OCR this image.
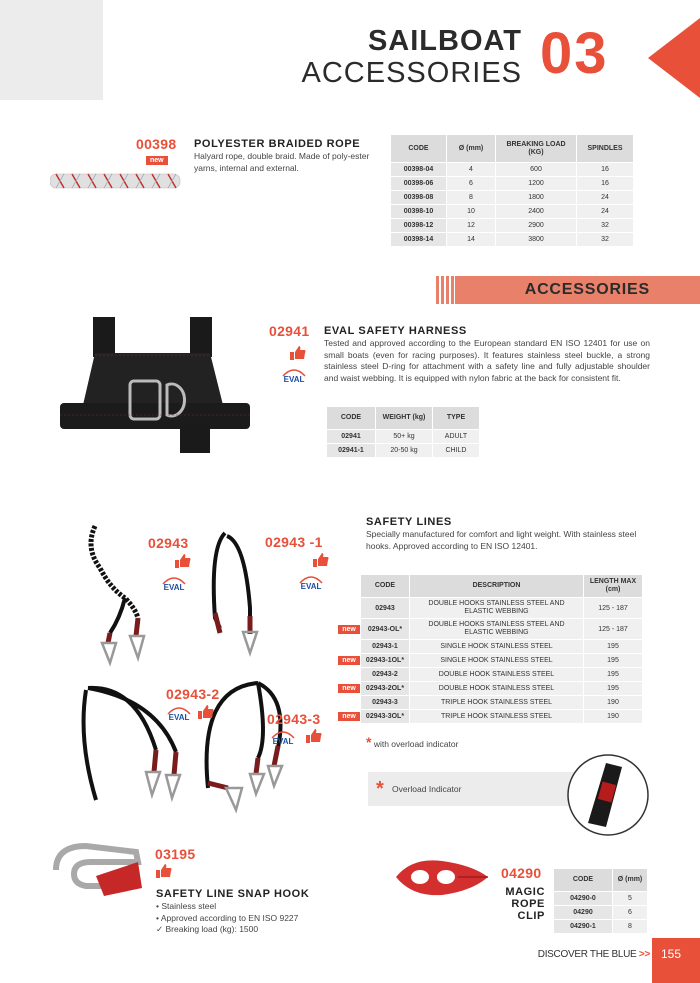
SAILBOAT
ACCESSORIES 03
00398
new
POLYESTER BRAIDED ROPE
Halyard rope, double braid. Made of poly-ester yarns, internal and external.
CODE	Ø (mm)	BREAKING LOAD (KG)	SPINDLES
00398-04	4	600	16
00398-06	6	1200	16
00398-08	8	1800	24
00398-10	10	2400	24
00398-12	12	2900	32
00398-14	14	3800	32
ACCESSORIES
02941
EVAL
EVAL SAFETY HARNESS
Tested and approved according to the European standard EN ISO 12401 for use on small boats (even for racing purposes). It features stainless steel buckle, a strong stainless steel D-ring for attachment with a safety line and fully adjustable shoulder and waist webbing. It is equipped with nylon fabric at the back for consistent fit.
CODE	WEIGHT (kg)	TYPE
02941	50+ kg	ADULT
02941-1	20-50 kg	CHILD
02943
EVAL
02943 -1
EVAL
02943-2
EVAL	02943-3
EVAL
SAFETY LINES
Specially manufactured for comfort and light weight. With stainless steel hooks. Approved according to EN ISO 12401.
	CODE	DESCRIPTION	LENGTH MAX (cm)
	02943	DOUBLE HOOKS STAINLESS STEEL AND ELASTIC WEBBING	125 - 187
new	02943-OL*	DOUBLE HOOKS STAINLESS STEEL AND ELASTIC WEBBING	125 - 187
	02943-1	SINGLE HOOK STAINLESS STEEL	195
new	02943-1OL*	SINGLE HOOK STAINLESS STEEL	195
	02943-2	DOUBLE HOOK STAINLESS STEEL	195
new	02943-2OL*	DOUBLE HOOK STAINLESS STEEL	195
	02943-3	TRIPLE HOOK STAINLESS STEEL	190
new	02943-3OL*	TRIPLE HOOK STAINLESS STEEL	190
* with overload indicator
* Overload Indicator
03195
SAFETY LINE SNAP HOOK
• Stainless steel
• Approved according to EN ISO 9227
✓ Breaking load (kg): 1500
04290
MAGIC
ROPE
CLIP
CODE	Ø (mm)
04290-0	5
04290	6
04290-1	8
DISCOVER THE BLUE >> 155
